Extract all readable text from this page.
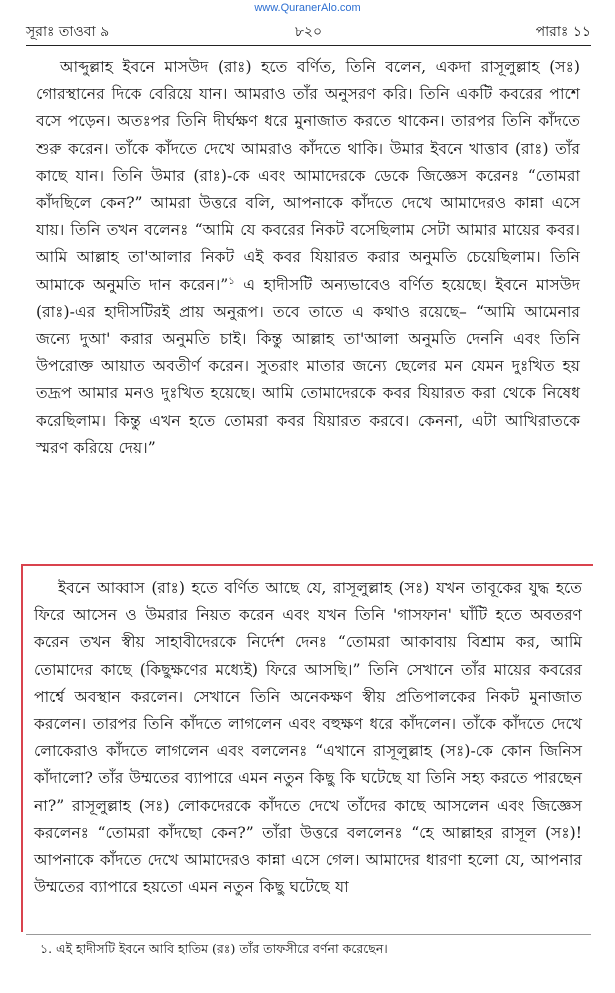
www.QuranerAlo.com
সূরাঃ তাওবা ৯	৮২০	পারাঃ ১১
আব্দুল্লাহ ইবনে মাসউদ (রাঃ) হতে বর্ণিত, তিনি বলেন, একদা রাসূলুল্লাহ (সঃ) গোরস্থানের দিকে বেরিয়ে যান। আমরাও তাঁর অনুসরণ করি। তিনি একটি কবরের পাশে বসে পড়েন। অতঃপর তিনি দীর্ঘক্ষণ ধরে মুনাজাত করতে থাকেন। তারপর তিনি কাঁদতে শুরু করেন। তাঁকে কাঁদতে দেখে আমরাও কাঁদতে থাকি। উমার ইবনে খাত্তাব (রাঃ) তাঁর কাছে যান। তিনি উমার (রাঃ)-কে এবং আমাদেরকে ডেকে জিজ্ঞেস করেনঃ “তোমরা কাঁদছিলে কেন?” আমরা উত্তরে বলি, আপনাকে কাঁদতে দেখে আমাদেরও কান্না এসে যায়। তিনি তখন বলেনঃ “আমি যে কবরের নিকট বসেছিলাম সেটা আমার মায়ের কবর। আমি আল্লাহ তা'আলার নিকট এই কবর যিয়ারত করার অনুমতি চেয়েছিলাম। তিনি আমাকে অনুমতি দান করেন।”$^১$ এ হাদীসটি অন্যভাবেও বর্ণিত হয়েছে। ইবনে মাসউদ (রাঃ)-এর হাদীসটিরই প্রায় অনুরূপ। তবে তাতে এ কথাও রয়েছে– “আমি আমেনার জন্যে দুআ' করার অনুমতি চাই। কিন্তু আল্লাহ তা'আলা অনুমতি দেননি এবং তিনি উপরোক্ত আয়াত অবতীর্ণ করেন। সুতরাং মাতার জন্যে ছেলের মন যেমন দুঃখিত হয় তদ্রূপ আমার মনও দুঃখিত হয়েছে। আমি তোমাদেরকে কবর যিয়ারত করা থেকে নিষেধ করেছিলাম। কিন্তু এখন হতে তোমরা কবর যিয়ারত করবে। কেননা, এটা আখিরাতকে স্মরণ করিয়ে দেয়।”
ইবনে আব্বাস (রাঃ) হতে বর্ণিত আছে যে, রাসূলুল্লাহ (সঃ) যখন তাবূকের যুদ্ধ হতে ফিরে আসেন ও উমরার নিয়ত করেন এবং যখন তিনি 'গাসফান' ঘাঁটি হতে অবতরণ করেন তখন স্বীয় সাহাবীদেরকে নির্দেশ দেনঃ “তোমরা আকাবায় বিশ্রাম কর, আমি তোমাদের কাছে (কিছুক্ষণের মধ্যেই) ফিরে আসছি।” তিনি সেখানে তাঁর মায়ের কবরের পার্শ্বে অবস্থান করলেন। সেখানে তিনি অনেকক্ষণ স্বীয় প্রতিপালকের নিকট মুনাজাত করলেন। তারপর তিনি কাঁদতে লাগলেন এবং বহুক্ষণ ধরে কাঁদলেন। তাঁকে কাঁদতে দেখে লোকেরাও কাঁদতে লাগলেন এবং বললেনঃ “এখানে রাসূলুল্লাহ (সঃ)-কে কোন জিনিস কাঁদালো? তাঁর উম্মতের ব্যাপারে এমন নতুন কিছু কি ঘটেছে যা তিনি সহ্য করতে পারছেন না?” রাসূলুল্লাহ (সঃ) লোকদেরকে কাঁদতে দেখে তাঁদের কাছে আসলেন এবং জিজ্ঞেস করলেনঃ “তোমরা কাঁদছো কেন?” তাঁরা উত্তরে বললেনঃ “হে আল্লাহর রাসূল (সঃ)! আপনাকে কাঁদতে দেখে আমাদেরও কান্না এসে গেল। আমাদের ধারণা হলো যে, আপনার উম্মতের ব্যাপারে হয়তো এমন নতুন কিছু ঘটেছে যা
১. এই হাদীসটি ইবনে আবি হাতিম (রঃ) তাঁর তাফসীরে বর্ণনা করেছেন।
